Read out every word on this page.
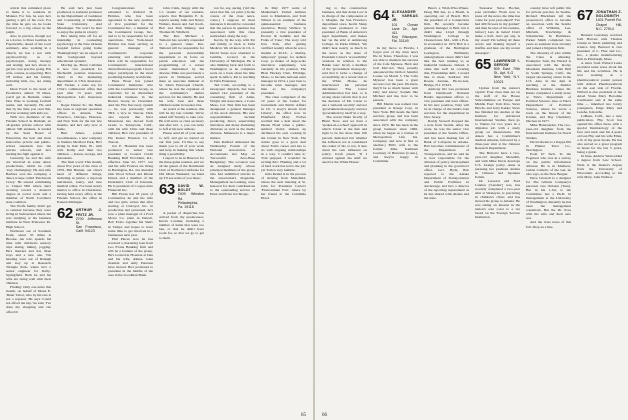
arrival that reminded place to make it to reunions in Manner. For fun, he says he's getting a gift of his own. For the time he gets on, he looks forward to a big career in the pulpit.

Also in practice, though not as a doctor, is Dave Garman, in Fayetteville, ahead of the local seminary. Also working in a church, he has a son with psychoactivity, as a psychologist, doing therapy and testing; and he's about to get his own practice going. His wife, a nurse, is expecting. He's 5'8 inches, and his family, including kids, too, are doing well.

Dean Foucl is the head of Productive almost 70 miles, you'll get in Durham, where Don Wise is working football teams, and currently. He said that by the time you read this, he'd be working with kids too.

With two members of the Friends School in Durham, an all-grades private school with almost 500 students, is tended by the State Board of Education, the best and most innovative private and public-school standards into the private schools, and he's leading the fight against it.

Currently, he and his wife are involved in some dance productions, which he calls 'very challenging.' He and wife Barbara own the company, a dance troupe called 'Patchwork Crazy.' He started commuting to Chapel Hill where she's working toward a master's degree in social work and a member of North Carolina's state coalition.

The Wolfe family didn't get to reunion because they were living in Switzerland where Jan was studying at his business institute in West Princeton Pa. High School.

Northeast out of Southern Point, about 35 miles is Brooke. Ak who spends his time with children's sensory trips skiing, hiking, jogging. He's married and has three boys and a new one. 'I'm heading west out of Raleigh and stay up at Research Triangle Park, where he's a senior engineer for Kelly-Springfield. Both he and his wife are doing well with their children.

Finding: Only one letter this month, on behalf of Diane E. 'Dusk' Tabor, who by his rate is not a reporter. He says 'Could not afford the trip,' he said, 'I've done my shopping and can afford it'.

He said he's just been promoted, is assistant professor in the Department of Guidance and Counseling at Oklahoma State University. And Mississippi. 'We won't be here to enjoy the game in a hurry.'

He's taking time off for an internship in counseling psychology at the New Orleans hospital before going home Thanksgiving? 'As an expert of this background beyond educational systems'.

Moving up, Bruce Callahan is now vice president for life/health pension insurance client in the marketing department at CNA Insurance. Bill Tucker, a sales rep for CNA's commercial office that year after 13 years with Metropolitan Life Insurance Co.

Roger Dexter Sr.: the Bank has been at regional operation offices in Atlanta, San Francisco, Chicago, Houston, and New York for the last few months, and he's only now at home.

Burt Allers, joined Goodmeasure, a new company at Nashua Medford Park, He's living in Oak Park, Ill., with wife Kathy and their two children — Karen, George, and Alexander.

The final word: This month, about five years of the class of 1976, Phil Burnett, our class's head of different things, including as junior, a rigorous nutritional, salary, and new medical editor. I've been newly mentor to office in Charleston, having held every office at the Friends School, his office in Eastern Michigan.

62 ARTHUR J. FRITZ JR.
2700 Jefferson St.
San Francisco, Calif. 94123

Congratulations are extended to Richard D. Holmes, who has been appointed to the new position of vice president for the Continental Inc., a member of the Continental Group, Inc., and is to be responsible for all operations. New York-based Holmes has been serving as general manager of Continental's corporate planning and development. Dick will be responsible for Continental's international diversification program. I had a major participant in the most promising industry worldwide.

Hans Broer has joined Continental Industries who with the Continental Group, as controller for its diversified industrial business in the Beaver Group in Cleveland. And the Fire Recovery system — he was previously with TRT, a vice in Tuscon. Dick also reports that Stavi Marzolena has moved from Grade to Sunnyvale, Calif., with his wife Chris and three children, He's vice president of Pin Kaiser Houston Co in Tuscon.

Jon E. Hawkins has been promoted to senior vice president at Coastal Credit Banking Buff Provident, R.I., effective June 22, 1977. Jon and his wife Frances are living in Barrington, R.I. Jon attended Oak Wood School and Rhode Island, and a member of the President's Club of Kiwanis. He is president of Cooper-ative Financial Inc.

Bill Flores has 18 years of Continental, he and his wife and two girls, writes that after starting at Uniroyal, Inc. in production and personnel, he's now a plant manager of a Ford Motor Co. plant in Detroit. Bob Evalo together his Sheiv in Tampa and hopes to have some time to get involved in a businesses next year.

Phil Pieces now he has received a chartering loan from Leo Evans Banking firm and will be a founder of the group. He's located in Houston at Dan and his wife, Aimee. Glen Zeeman and Amy Petersen have moved. He's promoted to president in the middle of the area in the Goodman Bank.

John Clark, happy with the 1-1 results of our reunion, reports that Benjamin E. K. reports seeing John and Nancy Walters, Karen and Joel Koch, Bob and Pam Minney, and Thomas M. Winfield.

The Rev. Michael J. Tamonti has recently expanded to a general stake. Rev. Tamonti will be responsible for the personal stewardship supplement to its focus on parish education and the programming of a retreat center maintained by the diocese. Mike was previously a pastor in Dubuque, served there as associate minister at St. John's Episcopal Church, where he was the organizer of the community's shelter services for the elderly. He and his wife Joan and three children reside in Greater Ore.

As noted at the reunion, this will be my last column. We've asked Jeff Stanley to take over. He will serve as class secretary and after Oct. 1, you can write to Jeff at his new address.

Please send all of your news to Jeff, and get us started on our first year. I'd like to say thank you to all of your work and help in making this whole thing a possibility.

I expect to be in Hanover for the three-game reunion, and we all the guests of the Dartmouth Club of Northern California for Old Ohara Weekend, we hand up 'I'll see some of you there.'

63 DAVID W. BOLDT
7409 Winston Rd.
Philadelphia, Pa. 19118

A packet of dispatches has arrived from my predecessor, Kevin Lowther, including a number of items that were too late, or that he didn't have room for, so that we go to get to them.

ion for, say, spring. ('All the news that fits, we print.') In the course of the class news, corps.) I suppose in most instances it should be conceded that the person in question has associated with this class somewhere along the way.

Kevin, by the way, with Pat and family, is back at Tufts Medical. We all know in Ch. 2, David Seuss now attended to Gamble, located in the University of Michigan. He is also thinking back and forth to Washington as he completes work on a book about his time spent in Africa. Pat is teaching in Tufts Extension.

Ted Cobb, according to a newspaper dispatch, has been named vice president of the consulting firm of Allen, Wright and Associates, a Costa Mesa, Cal. That firm has been designated a general manager of the stock division. His new responsibilities include producing, direct, supervising television and many marketing divisions as well as the media division. Minnesota is a major market.

Dan Radford addressed the Wednesday Forum of the National Association of Accountants last May on 'Successful Zero-Base Budgeting.' The occasion was an assigned study whose principal members of the group who had submitted articles in the association's magazine. Management Accounting, were honored for their contributions to the outstanding service of Ernst and Ernst in Chicago.

In May 1977 some of Manhattan's United Airlines went to Manhattan, and Tom Wilson is an example of the quintessential business executive. Henry Wallace 'is presently a vice president of Procter & Gamble and the Folks of Tone', The story told how Tom, after getting certified weekly when he was a student at M.I.T., a 'shabby, temporary' garage for Ashton Corp. (a maker of large-scale television equipment), was currently in his position. The Blair Hockey Club, Elbridge, Mass., to become national sales manager in 1974, a year later to become sales manager, and then as the company's president.

The class comprised of the 10 years at the Center for Journalism and Public Affairs in Ch. 'a story's shown from Liberty', the office now in Plainfield. Mary Forbes recalled that a deal about the Duane Hotel when a public-spirited visitor shaken up attributed his own cooking in the Center in New York. The article goes to a great deal about Tom's career and has to do with ongoing relationships in a way. 'I couldn't take it,' Tom quipped. 'I wouldn't be writing this.' Hunting and a lot of hard work has led to the job, yet Tom is very humble.

Julia Reidel is in the process of moving from Mansfield, where the next meeting at St. John for President Carter's 'Environment Fair', where by her friend at the Columbia Hotel.

65

ing to the construction business, and that Arnie Low is in charge of the components at J. Magnin, the San Francisco department store. Kevin Sharp has been promoted to vice president of Bank of America's legal department, and makes her 'on the side' at Armstrong College. In Parks Dillard, 'We didn't hear nearly as much in the news as the issue of President Carter's 'accessibility' 'sessions in relation to the Bakke case'. Kroft, a member of the 'government monopoly', said that it lacks a change of accessibility. At a recent visit at the White House, he interviewed his personal disclaimer: 'The Carter Administration has had, or is wrong about reform that is not the decision of Mr. Carter to use a 'national security' and not 'government monopoly' and not 'government by itself' in a way.

The recent Duke faculty of Blunt 'Now, and we have a 'spokes-in-a-wheel' approach in which Carter is the hub and right to be the more than 100 percent dedicated but whether the Jefferson era is considered the center of his or not, It sure about his own influence on policy. Kraft joked, 'If I advised against the stuff we used for the White House.'

64 ALEXANDER E. VARKAS JR.
101 Ocean Lane Dr., Apt. 411
Key Biscayne, Fla. 33149

In my move to Florida, I forgot part of my class news file in Texas. Therefore, I was not able to mention the success of the Cafe Mystere, Herb and Jodi McCord. They proudly announced the birth of Jennifer Louise on March 5. The 'Cafe Mystere' has been a great success over the year. We know they'll be so much busier with baby and know,' Sounds like Michael and me, how to be parents.

Bill Martin was named vice president at Rouge Corp. in New York. Bill heads the field services group and has been associated with the company since 1972. He has been in the group business since 1966, when he began as a trainee at Metropolitan Life Ins. Company, and now is first or another.) Bill's wife is the former Miss Kathleen Courtney of Brewster (Conn.), and they're happy in Corinthian.

Here's a Wish-Who-Where. Doug Hill has, as a Brazil, is operating out of Brazil. He's the president of a Connecticut firm. He recently became general manager at Bell, but it didn't take Lloyd through Washington College in Chestertown, Md., with a B.A. in economics in 1974 Bob is a graduate of the Burlington Lexington, Brilliantly undergraduate career didn't feel like the best running so as industrial business. Indeed, it came that we'll be covering this, Friendships shift, I would like to meet, 'Address: 202 Rossie Avenue, Ho-ho-kus, Bridge, N.J. 07423.

Anthony Orr was promoted from Dartmouth National Bank's department officer to vice president and trust officer. In his new position, Tony will be in charge of the bank's trust services for the department in New Jersey.

Randy Stowell dropped me a note from Seattle. After his work, he was the senior vice president at the Seattle Office, and has been making fun of Bank of Lafayette in Atlanta. Bob becomes commissioner of the Department of Transportation, and he said he is now responsible for the division of policy development and planning in the governor's office. Gov. Hyde, Bob reported to the Alaska Department of Transportation and Public Facilities in Anchorage, and he's a director of the reporting requirement as he has shared with Alaska and the state.

Treasurer Steve Hochar, poet exclaims: 'From now to press all the news, the time has come for your year-ahead!' 'I've had 400 flowers in my garden!' and then he says of his reunion, before') Lets do better! Don't make a half, don't get any, is my creed! I'm writing all these words and making myself a muffin, and here are my recent messages'.'

65 LAWRENCE I. GEROW
505 East 79th St., Apt. 9-G
New York, N.Y. 10021

Update from the nation's capital: Four class men are on the staff of the House Subcommittee on Europe and Middle East: Tom Pots, Steve Hewitt, and Jerry Kurke; Steve has finished his studies at the Institute for Advanced International Studies, then go to Vienna for two years in a diplomat job with a study group on dissertations. Jim Aiken has a Committee's medical mission, followed by a three-year stint at the Johnson Research Department.

The Burton's have a two-year-old daughter, Meredith, and with Mike Davis develops U.S. foreign policy. Anne is pursuing her graduate studies in Chinese and Japanese Italian.

Dr. Leonard and Fred Landau ['Landau'] was, has recently completed a two-year stint at Wesleyan, is practicing in children's clinic, and has moved his group to Atlanta. He was taking an interest in the nation's east coast to a tax based on the Foreign Service Institution.

country have left public life for private practice. In Seattle, Richard Blackburn left the prosecutor's office to become an associate with the Seattle office of Williams, Lee, Mirriam, Trawbridge & Schumacher. In Baltimore, Parker Smith completed two years as assistant state attorney and joined a litigation firm.

The diversity of jobs within the Class is amazing. Examples: Sam, the Wizard is associated with the Rocky Mountain Institute, Clint Bell in South Springs, Calif., the largest ski-touring center in the U.S. Also in the dept is teaching at the Rainier Brisbane Institute where Dr. Kuma completed a study leave at Yale's Department of Political Science. Also at Yale's Department of Political Science, where he wrote a book on the history of the Iranian, and Ray Chemistry Nuclear in 1977.

Mike Hanavender, The two-year-old daughter from the International Institute for Naval Studies.

David Owens is a Kappa Phi in Hunter Trust Co., Norrington.

Pooh 67 Tech. To the Fogelson who was in a survey on the public information division. He is in Madison, Cuban Catholic of the Gal, he also says, as the New Bergen.

Dave Criswell is a designer for The Gillette Company's personal care division (Tues). But in his 1-Jul, to the Committee has a Ph.D. in management at the University of Washington. Recently he has been the management consultant. But the Dr. lives with his wife and their new son.

And the class news of this fall. Drop us a line.

67 JONATHAN Z. GOLDSMITH
1401 Porrell Rd.
Chapel Hill, N.C. 27514

Bernard Golodney received both Harvest with Thomas Crump in fields plumbing and science July. Bernard is vice president of L. Fine and Co., Inc., a plastic manufacturing firm in Pittsburgh, Mass.

A letter from Willard Lentz provided some notes about his life and his activities. He is now working as a pharmaceutical patent person with Abbott Pharmaceuticals on the east side of Florida. Willard is also president of the Ansel Stone Mary Borodine Carrmaster and at the same time — inherited two lovely youngsters, Paige Mary and Leasha, 6 months.

LaBeau, Calif., has a new publication. Flip Scott has opened his office there, with a special Dermatology of the face and neck and his 4-years old son Flip and his wife Ellen, a lit of my great hooks. He has also served as a great program in Israel for the last 5 years, being a guide.

In June, Andrew Wein added a degree from Law School. Wein is the master's degree from the University of Wisconsin. According to his wife Mary, John Wallace.

66
